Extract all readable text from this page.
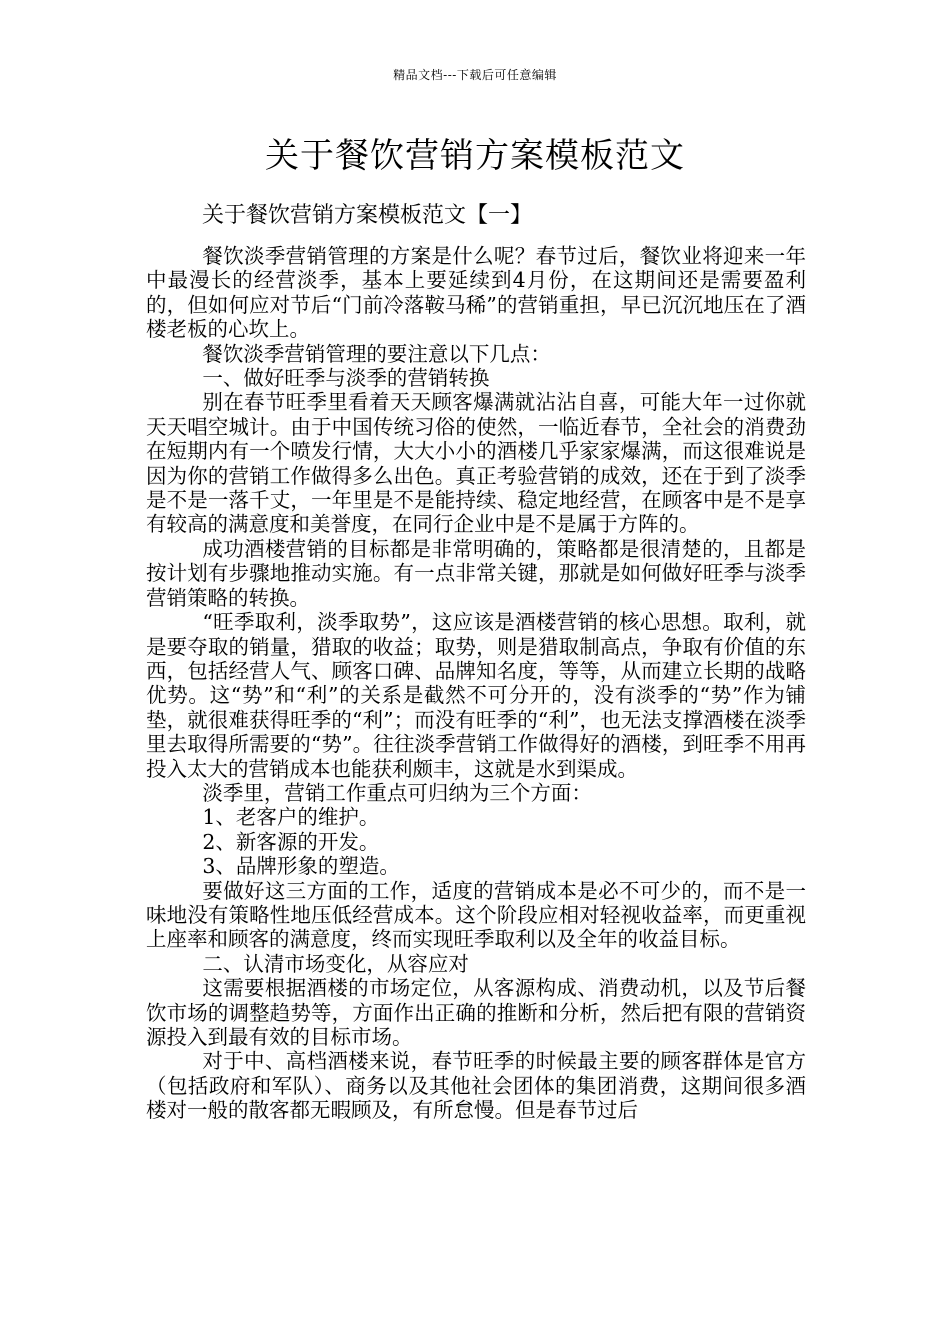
精品文档---下载后可任意编辑
关于餐饮营销方案模板范文
关于餐饮营销方案模板范文【一】

餐饮淡季营销管理的方案是什么呢？春节过后，餐饮业将迎来一年中最漫长的经营淡季，基本上要延续到4月份，在这期间还是需要盈利的，但如何应对节后“门前冷落鞍马稀”的营销重担，早已沉沉地压在了酒楼老板的心坎上。

餐饮淡季营销管理的要注意以下几点：

一、做好旺季与淡季的营销转换

别在春节旺季里看着天天顾客爆满就沾沾自喜，可能大年一过你就天天唱空城计。由于中国传统习俗的使然，一临近春节，全社会的消费劲在短期内有一个喷发行情，大大小小的酒楼几乎家家爆满，而这很难说是因为你的营销工作做得多么出色。真正考验营销的成效，还在于到了淡季是不是一落千丈，一年里是不是能持续、稳定地经营，在顾客中是不是享有较高的满意度和美誉度，在同行企业中是不是属于方阵的。

成功酒楼营销的目标都是非常明确的，策略都是很清楚的，且都是按计划有步骤地推动实施。有一点非常关键，那就是如何做好旺季与淡季营销策略的转换。

“旺季取利，淡季取势”，这应该是酒楼营销的核心思想。取利，就是要夺取的销量，猎取的收益；取势，则是猎取制高点，争取有价值的东西，包括经营人气、顾客口碑、品牌知名度，等等，从而建立长期的战略优势。这“势”和“利”的关系是截然不可分开的，没有淡季的“势”作为铺垫，就很难获得旺季的“利”；而没有旺季的“利”，也无法支撑酒楼在淡季里去取得所需要的“势”。往往淡季营销工作做得好的酒楼，到旺季不用再投入太大的营销成本也能获利颇丰，这就是水到渠成。

淡季里，营销工作重点可归纳为三个方面：

1、老客户的维护。

2、新客源的开发。

3、品牌形象的塑造。

要做好这三方面的工作，适度的营销成本是必不可少的，而不是一味地没有策略性地压低经营成本。这个阶段应相对轻视收益率，而更重视上座率和顾客的满意度，终而实现旺季取利以及全年的收益目标。

二、认清市场变化，从容应对

这需要根据酒楼的市场定位，从客源构成、消费动机，以及节后餐饮市场的调整趋势等，方面作出正确的推断和分析，然后把有限的营销资源投入到最有效的目标市场。

对于中、高档酒楼来说，春节旺季的时候最主要的顾客群体是官方（包括政府和军队）、商务以及其他社会团体的集团消费，这期间很多酒楼对一般的散客都无暇顾及，有所怠慢。但是春节过后
